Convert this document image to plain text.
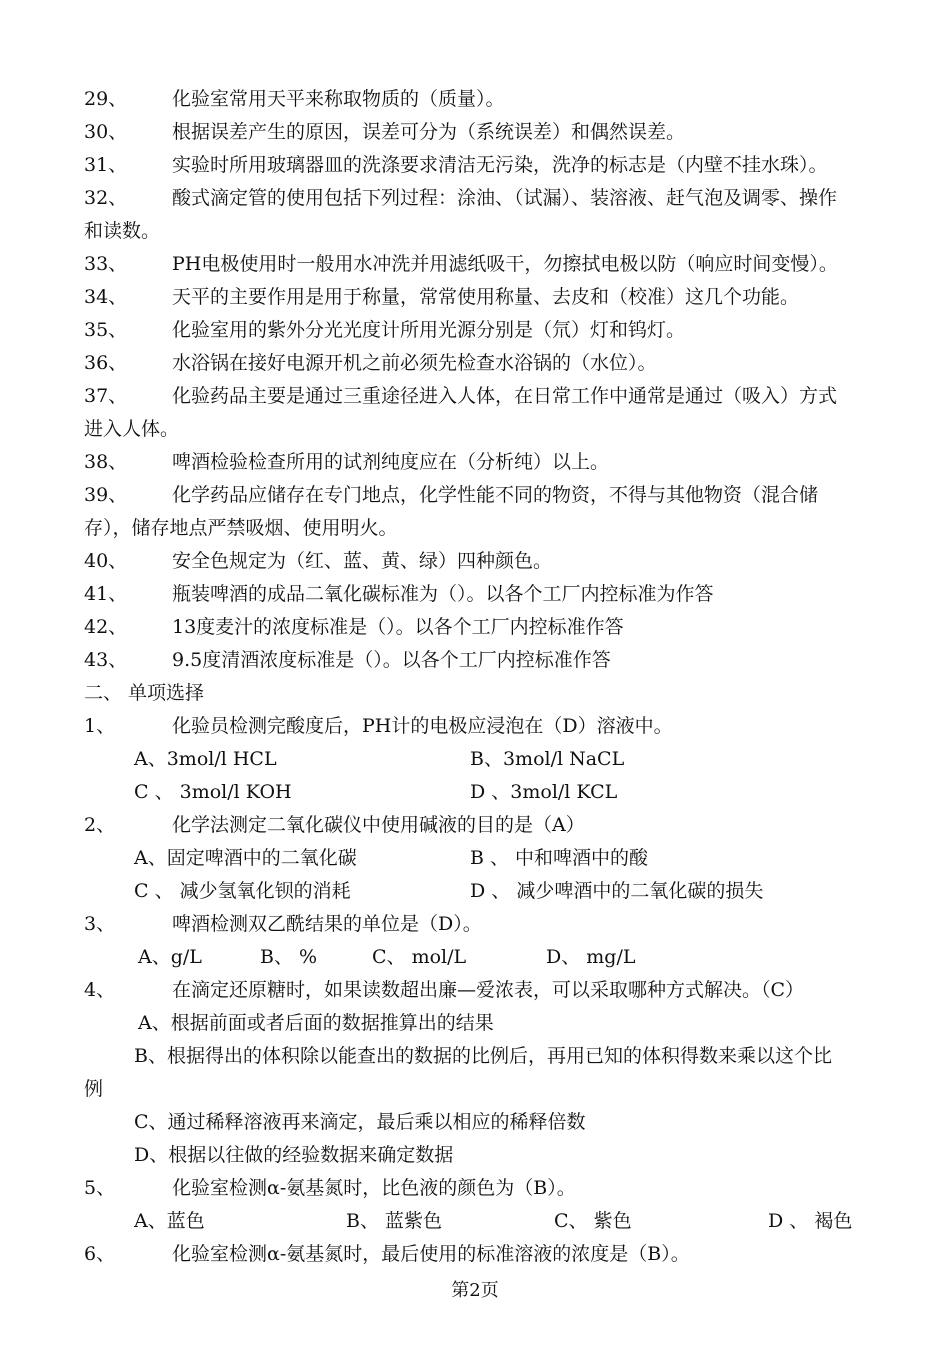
29、 化验室常用天平来称取物质的（质量）。
30、 根据误差产生的原因，误差可分为（系统误差）和偶然误差。
31、 实验时所用玻璃器皿的洗涤要求清洁无污染，洗净的标志是（内壁不挂水珠）。
32、 酸式滴定管的使用包括下列过程：涂油、（试漏）、装溶液、赶气泡及调零、操作
和读数。
33、 PH电极使用时一般用水冲洗并用滤纸吸干，勿擦拭电极以防（响应时间变慢）。
34、 天平的主要作用是用于称量，常常使用称量、去皮和（校准）这几个功能。
35、 化验室用的紫外分光光度计所用光源分别是（氘）灯和钨灯。
36、 水浴锅在接好电源开机之前必须先检查水浴锅的（水位）。
37、 化验药品主要是通过三重途径进入人体，在日常工作中通常是通过（吸入）方式
进入人体。
38、 啤酒检验检查所用的试剂纯度应在（分析纯）以上。
39、 化学药品应储存在专门地点，化学性能不同的物资，不得与其他物资（混合储
存），储存地点严禁吸烟、使用明火。
40、 安全色规定为（红、蓝、黄、绿）四种颜色。
41、 瓶装啤酒的成品二氧化碳标准为（）。以各个工厂内控标准为作答
42、 13度麦汁的浓度标准是（）。以各个工厂内控标准作答
43、 9.5度清酒浓度标准是（）。以各个工厂内控标准作答
二、 单项选择
1、	化验员检测完酸度后，PH计的电极应浸泡在（D）溶液中。
A、3mol/l HCL	B、3mol/l NaCL
C 、 3mol/l KOH	D 、3mol/l KCL
2、	化学法测定二氧化碳仪中使用碱液的目的是（A）
A、固定啤酒中的二氧化碳	B 、 中和啤酒中的酸
C 、 减少氢氧化钡的消耗	D 、 减少啤酒中的二氧化碳的损失
3、	啤酒检测双乙酰结果的单位是（D）。
A、g/L	B、 %	C、 mol/L	D、 mg/L
4、	在滴定还原糖时，如果读数超出廉—爱浓表，可以采取哪种方式解决。（C）
A、根据前面或者后面的数据推算出的结果
B、根据得出的体积除以能查出的数据的比例后，再用已知的体积得数来乘以这个比
例
C、通过稀释溶液再来滴定，最后乘以相应的稀释倍数
D、根据以往做的经验数据来确定数据
5、	化验室检测α-氨基氮时，比色液的颜色为（B）。
A、蓝色	B、 蓝紫色	C、 紫色	D 、 褐色
6、	化验室检测α-氨基氮时，最后使用的标准溶液的浓度是（B）。
第2页
